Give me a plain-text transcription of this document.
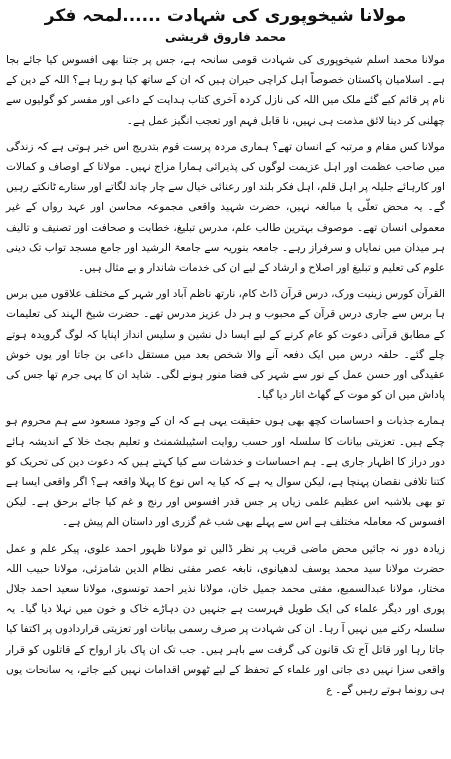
مولانا شیخوپوری کی شہادت ......لمحہ فکر
محمد فاروق قریشی

مولانا محمد اسلم شیخوپوری کی شہادت قومی سانحہ ہے، جس پر جتنا بھی افسوس کیا جائے بجا ہے۔ اسلامیان پاکستان خصوصاً اہل کراچی حیران ہیں کہ ان کے ساتھ کیا ہو رہا ہے؟ اللہ کے دین کے نام پر قائم کیے گئے ملک میں اللہ کی نازل کردہ آخری کتاب ہدایت کے داعی اور مفسر کو گولیوں سے چھلنی کر دینا لائق مذمت ہی نہیں، نا قابل فہم اور تعجب انگیز عمل ہے۔

مولانا کس مقام و مرتبہ کے انسان تھے؟ ہماری مردہ پرست قوم بتدریج اس خبر ہوتی ہے کہ زندگی میں صاحب عظمت اور اہل عزیمت لوگوں کی پذیرائی ہمارا مزاج نہیں۔ مولانا کے اوصاف و کمالات اور کارہائے جلیلہ پر اہل قلم، اہل فکر بلند اور رعنائی خیال سے چار چاند لگاتے اور ستارے ٹانکتے رہیں گے۔ یہ محض تعلّی یا مبالغہ نہیں، حضرت شہید واقعی مجموعہ محاسن اور عہد رواں کے غیر معمولی انسان تھے۔ موصوف بہترین طالب علم، مدرس تبلیغ، خطابت و صحافت اور تصنیف و تالیف ہر میدان میں نمایاں و سرفراز رہے۔ جامعہ بنوریہ سے جامعۃ الرشید اور جامع مسجد تواب تک دینی علوم کی تعلیم و تبلیغ اور اصلاح و ارشاد کے لیے ان کی خدمات شاندار و بے مثال ہیں۔

القرآن کورس زینیت ورک، درس قرآن ڈاٹ کام، نارتھ ناظم آباد اور شہر کے مختلف علاقوں میں برس ہا برس سے جاری درس قرآن کے محبوب و ہر دل عزیز مدرس تھے۔ حضرت شیخ الہند کی تعلیمات کے مطابق قرآنی دعوت کو عام کرنے کے لیے ایسا دل نشین و سلیس انداز اپنایا کہ لوگ گرویدہ ہوتے چلے گئے۔ حلقہ درس میں ایک دفعہ آنے والا شخص بعد میں مستقل داعی بن جاتا اور یوں خوش عقیدگی اور حسن عمل کے نور سے شہر کی فضا منور ہونے لگی۔ شاید ان کا یہی جرم تھا جس کی پاداش میں ان کو موت کے گھاٹ اتار دیا گیا۔

ہمارے جذبات و احساسات کچھ بھی ہوں حقیقت یہی ہے کہ ان کے وجود مسعود سے ہم محروم ہو چکے ہیں۔ تعزیتی بیانات کا سلسلہ اور حسب روایت اسٹیبلشمنٹ و تعلیم بجٹ خلا کے اندیشہ ہائے دور دراز کا اظہار جاری ہے۔ ہم احساسات و خدشات سے کیا کہتے ہیں کہ دعوت دین کی تحریک کو کتنا تلافی نقصان پہنچا ہے، لیکن سوال یہ ہے کہ کیا یہ اس نوع کا پہلا واقعہ ہے؟ اگر واقعی ایسا ہے تو بھی بلاشبہ اس عظیم علمی زیاں پر جس قدر افسوس اور رنج و غم کیا جائے برحق ہے۔ لیکن افسوس کہ معاملہ مختلف ہے اس سے پہلے بھی شب غم گزری اور داستان الم پیش ہے۔

زیادہ دور نہ جائیں محض ماضی قریب پر نظر ڈالیں تو مولانا ظہور احمد علوی، پیکر علم و عمل حضرت مولانا سید محمد یوسف لدھیانوی، نابغہ عصر مفتی نظام الدین شامزئی، مولانا حبیب اللہ مختار، مولانا عبدالسمیع، مفتی محمد جمیل خان، مولانا نذیر احمد تونسوی، مولانا سعید احمد جلال پوری اور دیگر علماء کی ایک طویل فہرست ہے جنہیں دن دہاڑے خاک و خون میں نہلا دیا گیا۔ یہ سلسلہ رکنے میں نہیں آ رہا۔ ان کی شہادت پر صرف رسمی بیانات اور تعزیتی قراردادوں پر اکتفا کیا جاتا رہا اور قاتل آج تک قانون کی گرفت سے باہر ہیں۔ جب تک ان پاک باز ارواح کے قاتلوں کو قرار واقعی سزا نہیں دی جاتی اور علماء کے تحفظ کے لیے ٹھوس اقدامات نہیں کیے جاتے، یہ سانحات یوں ہی رونما ہوتے رہیں گے۔ ع
